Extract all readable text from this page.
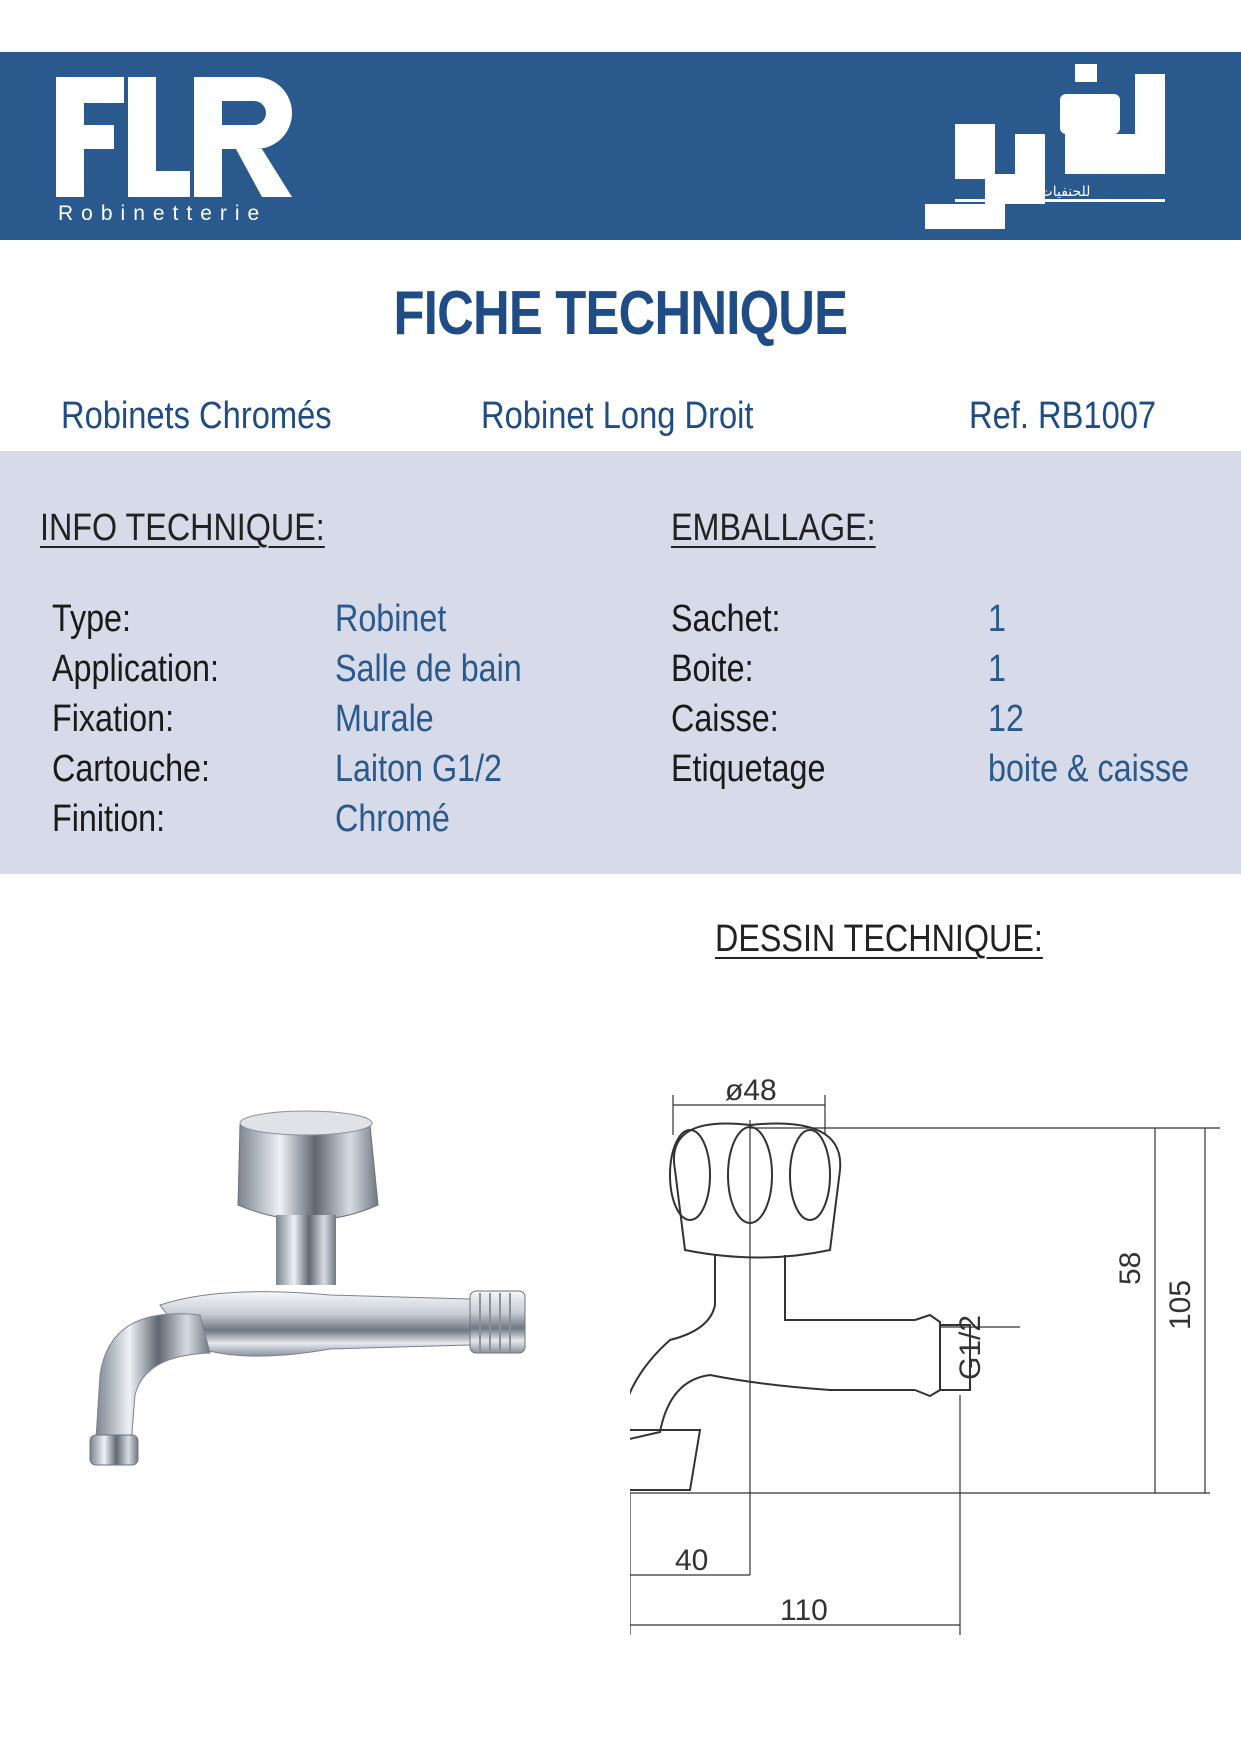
Robinetterie
للحنفيات
FICHE TECHNIQUE
Robinets Chromés	Robinet Long Droit	Ref. RB1007
INFO TECHNIQUE:	EMBALLAGE:
Type:	Robinet
Application:	Salle de bain
Fixation:	Murale
Cartouche:	Laiton G1/2
Finition:	Chromé
Sachet:	1
Boite:	1
Caisse:	12
Etiquetage	boite & caisse
DESSIN TECHNIQUE:
ø48
58
105
G1/2
40
110
